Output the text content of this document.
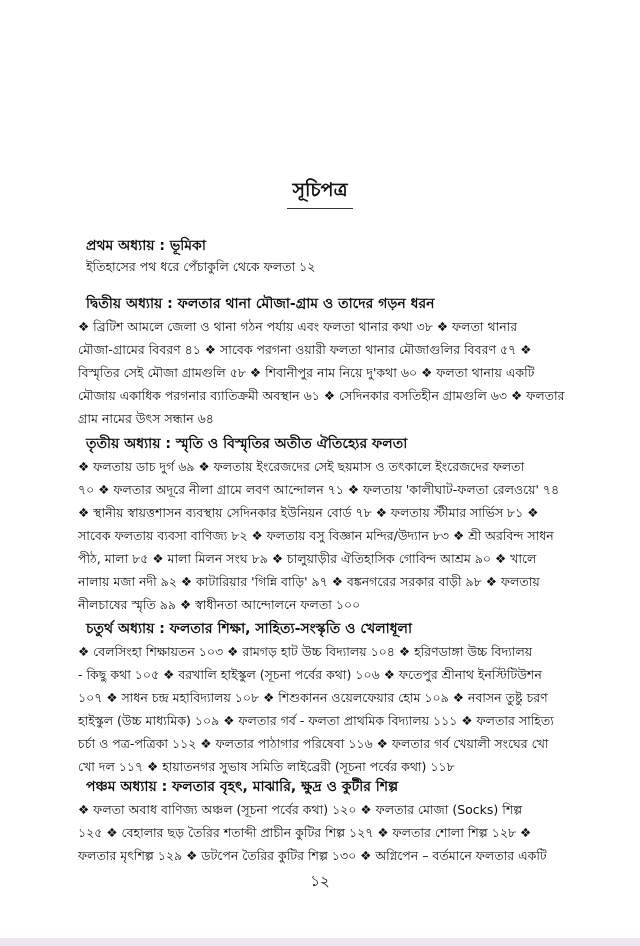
সূচিপত্র
প্রথম অধ্যায় : ভূমিকা
ইতিহাসের পথ ধরে পেঁচাকুলি থেকে ফলতা ১২
দ্বিতীয় অধ্যায় : ফলতার থানা মৌজা-গ্রাম ও তাদের গড়ন ধরন
❖ ব্রিটিশ আমলে জেলা ও থানা গঠন পর্যায় এবং ফলতা থানার কথা ৩৮ ❖ ফলতা থানার
মৌজা-গ্রামের বিবরণ ৪১ ❖ সাবেক পরগনা ওয়ারী ফলতা থানার মৌজাগুলির বিবরণ ৫৭ ❖
বিস্মৃতির সেই মৌজা গ্রামগুলি ৫৮ ❖ শিবানীপুর নাম নিয়ে দু'কথা ৬০ ❖ ফলতা থানায় একটি
মৌজায় একাধিক পরগনার ব্যাতিক্রমী অবস্থান ৬১ ❖ সেদিনকার বসতিহীন গ্রামগুলি ৬৩ ❖ ফলতার
গ্রাম নামের উৎস সন্ধান ৬৪
তৃতীয় অধ্যায় : স্মৃতি ও বিস্মৃতির অতীত ঐতিহ্যের ফলতা
❖ ফলতায় ডাচ দুর্গ ৬৯ ❖ ফলতায় ইংরেজদের সেই ছয়মাস ও তৎকালে ইংরেজদের ফলতা
৭০ ❖ ফলতার অদূরে নীলা গ্রামে লবণ আন্দোলন ৭১ ❖ ফলতায় 'কালীঘাট-ফলতা রেলওয়ে' ৭৪
❖ স্থানীয় স্বায়ত্তশাসন ব্যবস্থায় সেদিনকার ইউনিয়ন বোর্ড ৭৮ ❖ ফলতায় স্টীমার সার্ভিস ৮১ ❖
সাবেক ফলতায় ব্যবসা বাণিজ্য ৮২ ❖ ফলতায় বসু বিজ্ঞান মন্দির/উদ্যান ৮৩ ❖ শ্রী অরবিন্দ সাধন
পীঠ, মালা ৮৫ ❖ মালা মিলন সংঘ ৮৯ ❖ চালুয়াড়ীর ঐতিহাসিক গোবিন্দ আশ্রম ৯০ ❖ খালে
নালায় মজা নদী ৯২ ❖ কাটারিয়ার 'গিন্নি বাড়ি' ৯৭ ❖ বঙ্কনগরের সরকার বাড়ী ৯৮ ❖ ফলতায়
নীলচাষের স্মৃতি ৯৯ ❖ স্বাধীনতা আন্দোলনে ফলতা ১০০
চতুর্থ অধ্যায় : ফলতার শিক্ষা, সাহিত্য-সংস্কৃতি ও খেলাধূলা
❖ বেলসিংহা শিক্ষায়তন ১০৩ ❖ রামগড় হাট উচ্চ বিদ্যালয় ১০৪ ❖ হরিণডাঙ্গা উচ্চ বিদ্যালয়
- কিছু কথা ১০৫ ❖ বরখালি হাইস্কুল (সূচনা পর্বের কথা) ১০৬ ❖ ফতেপুর শ্রীনাথ ইনস্টিটিউশন
১০৭ ❖ সাধন চন্দ্র মহাবিদ্যালয় ১০৮ ❖ শিশুকানন ওয়েলফেয়ার হোম ১০৯ ❖ নবাসন তুষ্টু চরণ
হাইস্কুল (উচ্চ মাধ্যমিক) ১০৯ ❖ ফলতার গর্ব - ফলতা প্রাথমিক বিদ্যালয় ১১১ ❖ ফলতার সাহিত্য
চর্চা ও পত্র-পত্রিকা ১১২ ❖ ফলতার পাঠাগার পরিষেবা ১১৬ ❖ ফলতার গর্ব খেয়ালী সংঘের খো
খো দল ১১৭ ❖ হায়াতনগর সুভাষ সমিতি লাইব্রেরী (সূচনা পর্বের কথা) ১১৮
পঞ্চম অধ্যায় : ফলতার বৃহৎ, মাঝারি, ক্ষুদ্র ও কুটীর শিল্প
❖ ফলতা অবাধ বাণিজ্য অঞ্চল (সূচনা পর্বের কথা) ১২০ ❖ ফলতার মোজা (Socks) শিল্প
১২৫ ❖ বেহালার ছড় তৈরির শতাব্দী প্রাচীন কুটির শিল্প ১২৭ ❖ ফলতার শোলা শিল্প ১২৮ ❖
ফলতার মৃৎশিল্প ১২৯ ❖ ডটপেন তৈরির কুটির শিল্প ১৩০ ❖ অগ্নিপেন – বর্তমানে ফলতার একটি
১২
